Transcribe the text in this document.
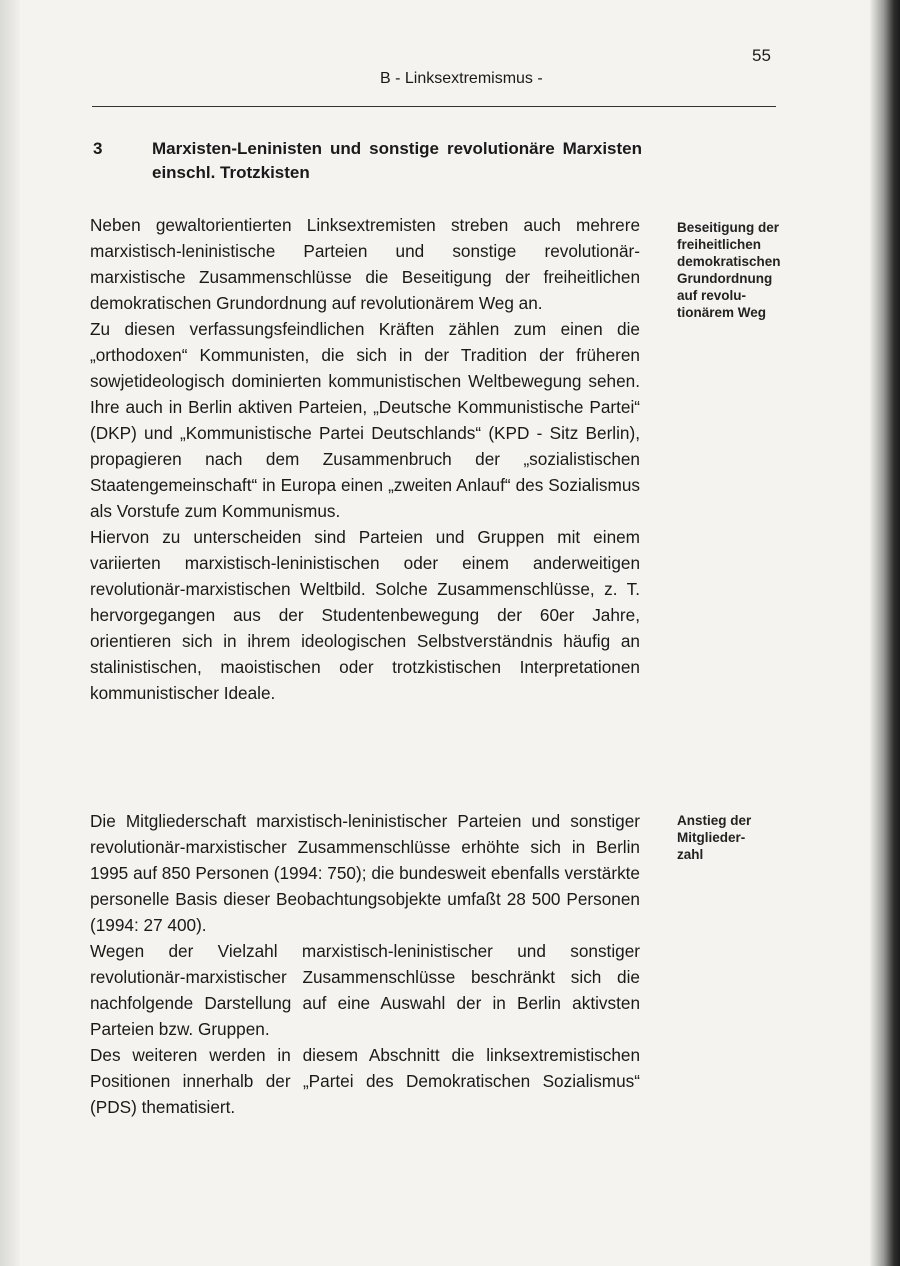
55
B - Linksextremismus -
3	Marxisten-Leninisten und sonstige revolutionäre Marxisten einschl. Trotzkisten

Neben gewaltorientierten Linksextremisten streben auch mehrere marxistisch-leninistische Parteien und sonstige revolutionär-marxistische Zusammenschlüsse die Beseitigung der freiheitlichen demokratischen Grundordnung auf revolutionärem Weg an.

Zu diesen verfassungsfeindlichen Kräften zählen zum einen die „orthodoxen“ Kommunisten, die sich in der Tradition der früheren sowjetideologisch dominierten kommunistischen Weltbewegung sehen. Ihre auch in Berlin aktiven Parteien, „Deutsche Kommunistische Partei“ (DKP) und „Kommunistische Partei Deutschlands“ (KPD - Sitz Berlin), propagieren nach dem Zusammenbruch der „sozialistischen Staatengemeinschaft“ in Europa einen „zweiten Anlauf“ des Sozialismus als Vorstufe zum Kommunismus.

Hiervon zu unterscheiden sind Parteien und Gruppen mit einem variierten marxistisch-leninistischen oder einem anderweitigen revolutionär-marxistischen Weltbild. Solche Zusammenschlüsse, z. T. hervorgegangen aus der Studentenbewegung der 60er Jahre, orientieren sich in ihrem ideologischen Selbstverständnis häufig an stalinistischen, maoistischen oder trotzkistischen Interpretationen kommunistischer Ideale.

Beseitigung der
freiheitlichen
demokratischen
Grundordnung
auf revolu-
tionärem Weg

Die Mitgliederschaft marxistisch-leninistischer Parteien und sonstiger revolutionär-marxistischer Zusammenschlüsse erhöhte sich in Berlin 1995 auf 850 Personen (1994: 750); die bundesweit ebenfalls verstärkte personelle Basis dieser Beobachtungsobjekte umfaßt 28 500 Personen (1994: 27 400).

Wegen der Vielzahl marxistisch-leninistischer und sonstiger revolutionär-marxistischer Zusammenschlüsse beschränkt sich die nachfolgende Darstellung auf eine Auswahl der in Berlin aktivsten Parteien bzw. Gruppen.

Des weiteren werden in diesem Abschnitt die linksextremistischen Positionen innerhalb der „Partei des Demokratischen Sozialismus“ (PDS) thematisiert.

Anstieg der
Mitglieder-
zahl
